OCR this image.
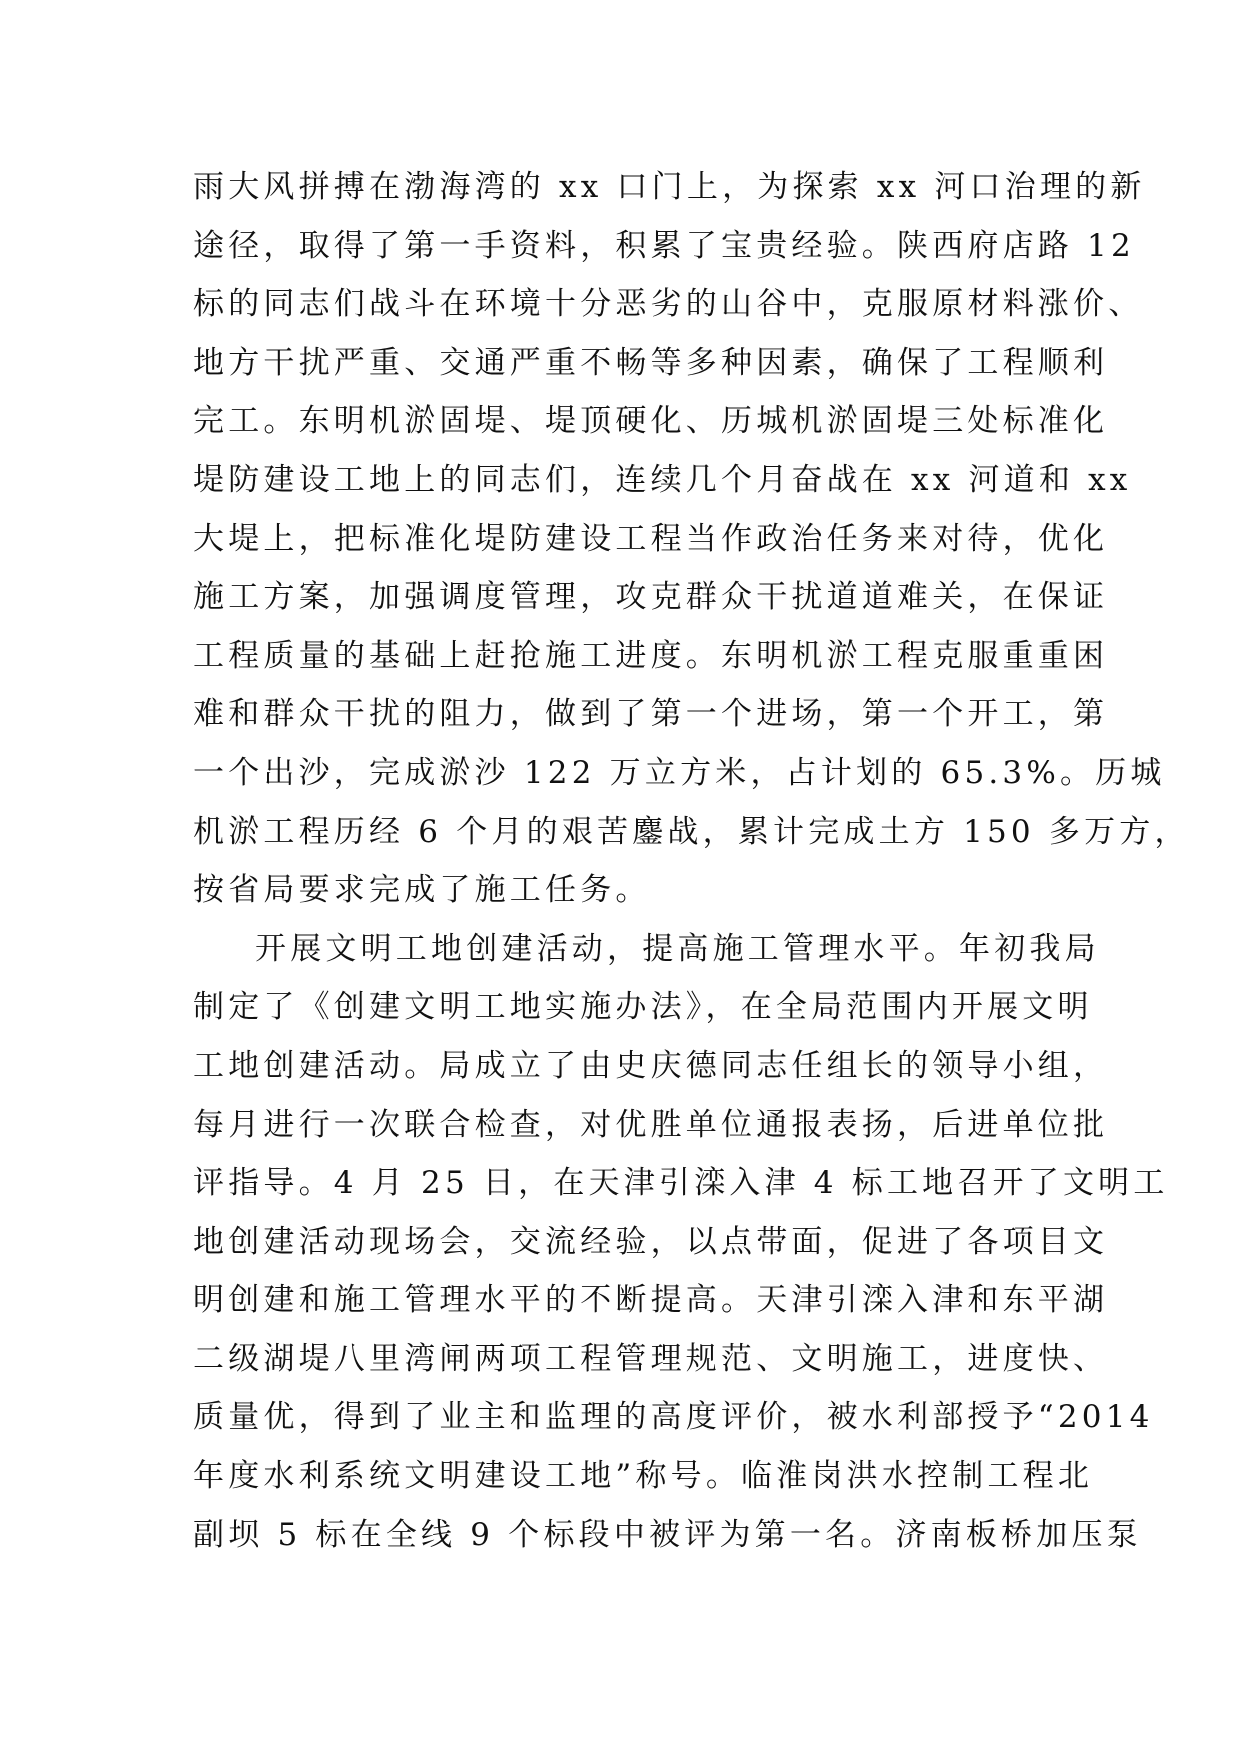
雨大风拼搏在渤海湾的 xx 口门上，为探索 xx 河口治理的新
途径，取得了第一手资料，积累了宝贵经验。陕西府店路 12
标的同志们战斗在环境十分恶劣的山谷中，克服原材料涨价、
地方干扰严重、交通严重不畅等多种因素，确保了工程顺利
完工。东明机淤固堤、堤顶硬化、历城机淤固堤三处标准化
堤防建设工地上的同志们，连续几个月奋战在 xx 河道和 xx
大堤上，把标准化堤防建设工程当作政治任务来对待，优化
施工方案，加强调度管理，攻克群众干扰道道难关，在保证
工程质量的基础上赶抢施工进度。东明机淤工程克服重重困
难和群众干扰的阻力，做到了第一个进场，第一个开工，第
一个出沙，完成淤沙 122 万立方米，占计划的 65.3%。历城
机淤工程历经 6 个月的艰苦鏖战，累计完成土方 150 多万方，
按省局要求完成了施工任务。
开展文明工地创建活动，提高施工管理水平。年初我局
制定了《创建文明工地实施办法》，在全局范围内开展文明
工地创建活动。局成立了由史庆德同志任组长的领导小组，
每月进行一次联合检查，对优胜单位通报表扬，后进单位批
评指导。4 月 25 日，在天津引滦入津 4 标工地召开了文明工
地创建活动现场会，交流经验，以点带面，促进了各项目文
明创建和施工管理水平的不断提高。天津引滦入津和东平湖
二级湖堤八里湾闸两项工程管理规范、文明施工，进度快、
质量优，得到了业主和监理的高度评价，被水利部授予“2014
年度水利系统文明建设工地”称号。临淮岗洪水控制工程北
副坝 5 标在全线 9 个标段中被评为第一名。济南板桥加压泵
